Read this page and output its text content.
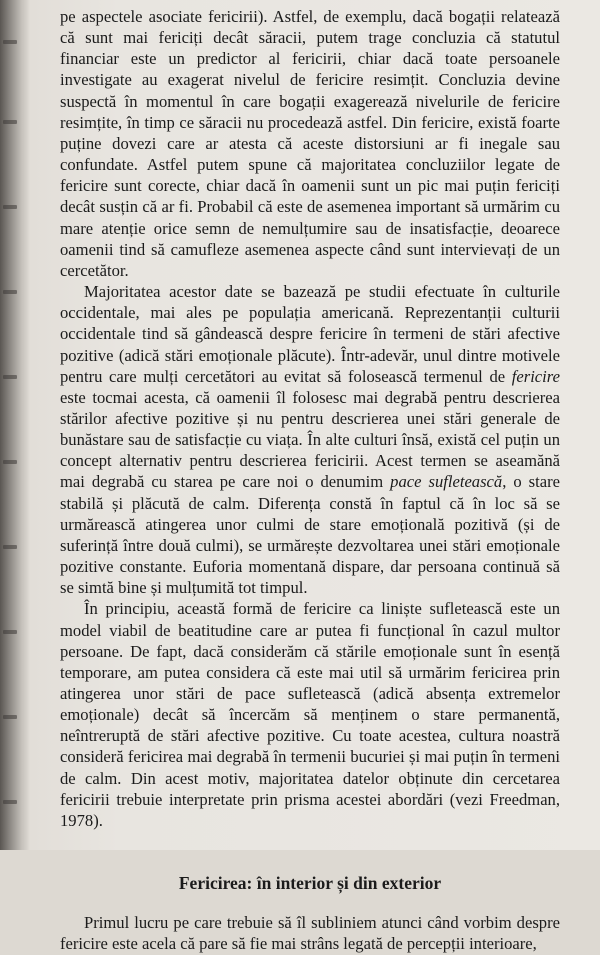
pe aspectele asociate fericirii). Astfel, de exemplu, dacă bogații relatează că sunt mai fericiți decât săracii, putem trage concluzia că statutul financiar este un predictor al fericirii, chiar dacă toate persoanele investigate au exagerat nivelul de fericire resimțit. Concluzia devine suspectă în momentul în care bogații exagerează nivelurile de fericire resimțite, în timp ce săracii nu procedează astfel. Din fericire, există foarte puține dovezi care ar atesta că aceste distorsiuni ar fi inegale sau confundate. Astfel putem spune că majoritatea concluziilor legate de fericire sunt corecte, chiar dacă în oamenii sunt un pic mai puțin fericiți decât susțin că ar fi. Probabil că este de asemenea important să urmărim cu mare atenție orice semn de nemulțumire sau de insatisfacție, deoarece oamenii tind să camufleze asemenea aspecte când sunt intervievați de un cercetător.

Majoritatea acestor date se bazează pe studii efectuate în culturile occidentale, mai ales pe populația americană. Reprezentanții culturii occidentale tind să gândească despre fericire în termeni de stări afective pozitive (adică stări emoționale plăcute). Într-adevăr, unul dintre motivele pentru care mulți cercetători au evitat să folosească termenul de fericire este tocmai acesta, că oamenii îl folosesc mai degrabă pentru descrierea stărilor afective pozitive și nu pentru descrierea unei stări generale de bunăstare sau de satisfacție cu viața. În alte culturi însă, există cel puțin un concept alternativ pentru descrierea fericirii. Acest termen se aseamănă mai degrabă cu starea pe care noi o denumim pace sufletească, o stare stabilă și plăcută de calm. Diferența constă în faptul că în loc să se urmărească atingerea unor culmi de stare emoțională pozitivă (și de suferință între două culmi), se urmărește dezvoltarea unei stări emoționale pozitive constante. Euforia momentană dispare, dar persoana continuă să se simtă bine și mulțumită tot timpul.

În principiu, această formă de fericire ca liniște sufletească este un model viabil de beatitudine care ar putea fi funcțional în cazul multor persoane. De fapt, dacă considerăm că stările emoționale sunt în esență temporare, am putea considera că este mai util să urmărim fericirea prin atingerea unor stări de pace sufletească (adică absența extremelor emoționale) decât să încercăm să menținem o stare permanentă, neîntreruptă de stări afective pozitive. Cu toate acestea, cultura noastră consideră fericirea mai degrabă în termenii bucuriei și mai puțin în termeni de calm. Din acest motiv, majoritatea datelor obținute din cercetarea fericirii trebuie interpretate prin prisma acestei abordări (vezi Freedman, 1978).

Fericirea: în interior și din exterior

Primul lucru pe care trebuie să îl subliniem atunci când vorbim despre fericire este acela că pare să fie mai strâns legată de percepții interioare,
